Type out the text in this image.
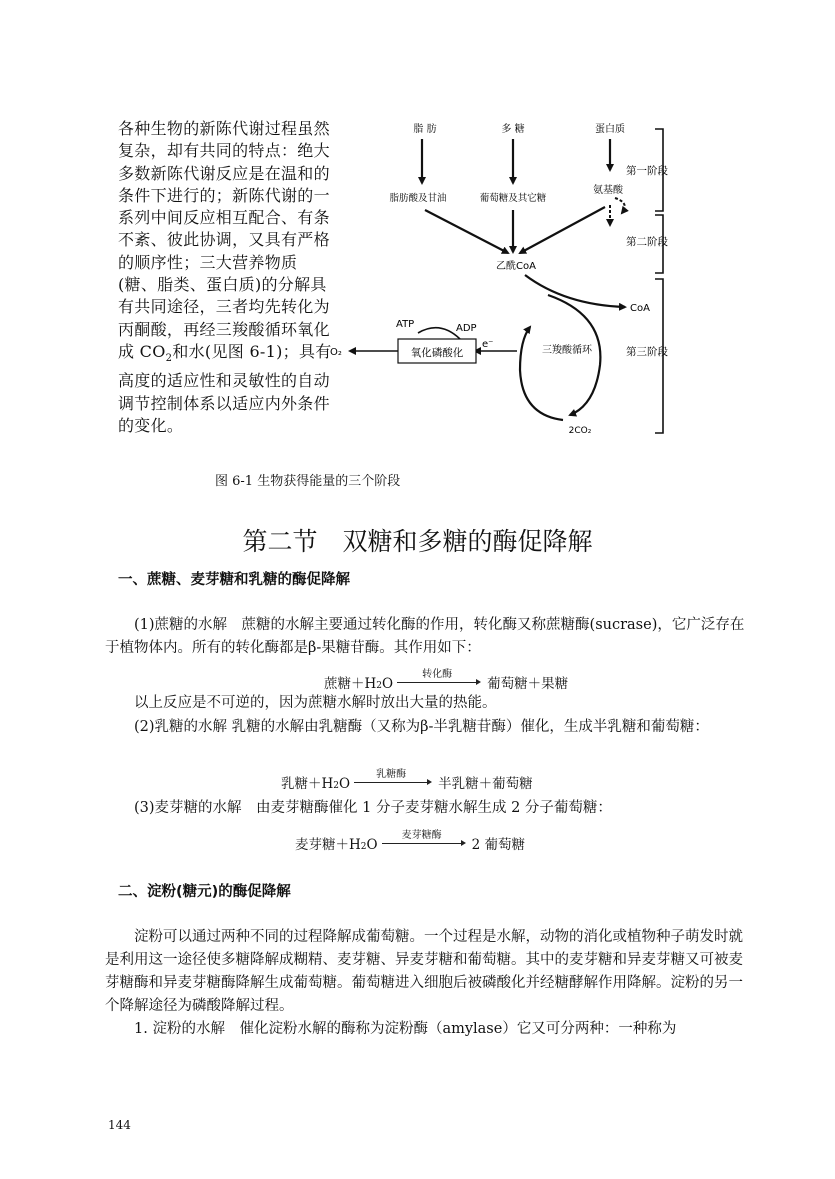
各种生物的新陈代谢过程虽然复杂，却有共同的特点：绝大多数新陈代谢反应是在温和的条件下进行的；新陈代谢的一系列中间反应相互配合、有条不紊、彼此协调，又具有严格的顺序性；三大营养物质(糖、脂类、蛋白质)的分解具有共同途径，三者均先转化为丙酮酸，再经三羧酸循环氧化成 $CO_2$和水(见图 6-1)；具有高度的适应性和灵敏性的自动调节控制体系以适应内外条件的变化。
脂 肪	多 糖	蛋白质
脂肪酸及甘油	葡萄糖及其它糖
氨基酸
乙酰CoA
CoA
三羧酸循环
2CO₂
e⁻
氧化磷酸化
O₂
ATP	ADP
第一阶段
第二阶段
第三阶段
图 6-1 生物获得能量的三个阶段
第二节　双糖和多糖的酶促降解
一、蔗糖、麦芽糖和乳糖的酶促降解
(1)蔗糖的水解　蔗糖的水解主要通过转化酶的作用，转化酶又称蔗糖酶(sucrase)，它广泛存在于植物体内。所有的转化酶都是β-果糖苷酶。其作用如下：
蔗糖$+H_2$ O
转化酶
葡萄糖＋果糖
以上反应是不可逆的，因为蔗糖水解时放出大量的热能。
(2)乳糖的水解 乳糖的水解由乳糖酶（又称为β-半乳糖苷酶）催化，生成半乳糖和葡萄糖：
乳糖$+H_2$ O
乳糖酶
半乳糖＋葡萄糖
(3)麦芽糖的水解　由麦芽糖酶催化 1 分子麦芽糖水解生成 2 分子葡萄糖：
麦芽糖$+H_2$ O
麦芽糖酶
2 葡萄糖
二、淀粉(糖元)的酶促降解
淀粉可以通过两种不同的过程降解成葡萄糖。一个过程是水解，动物的消化或植物种子萌发时就是利用这一途径使多糖降解成糊精、麦芽糖、异麦芽糖和葡萄糖。其中的麦芽糖和异麦芽糖又可被麦芽糖酶和异麦芽糖酶降解生成葡萄糖。葡萄糖进入细胞后被磷酸化并经糖酵解作用降解。淀粉的另一个降解途径为磷酸降解过程。
1. 淀粉的水解　催化淀粉水解的酶称为淀粉酶（amylase）它又可分两种：一种称为
144
